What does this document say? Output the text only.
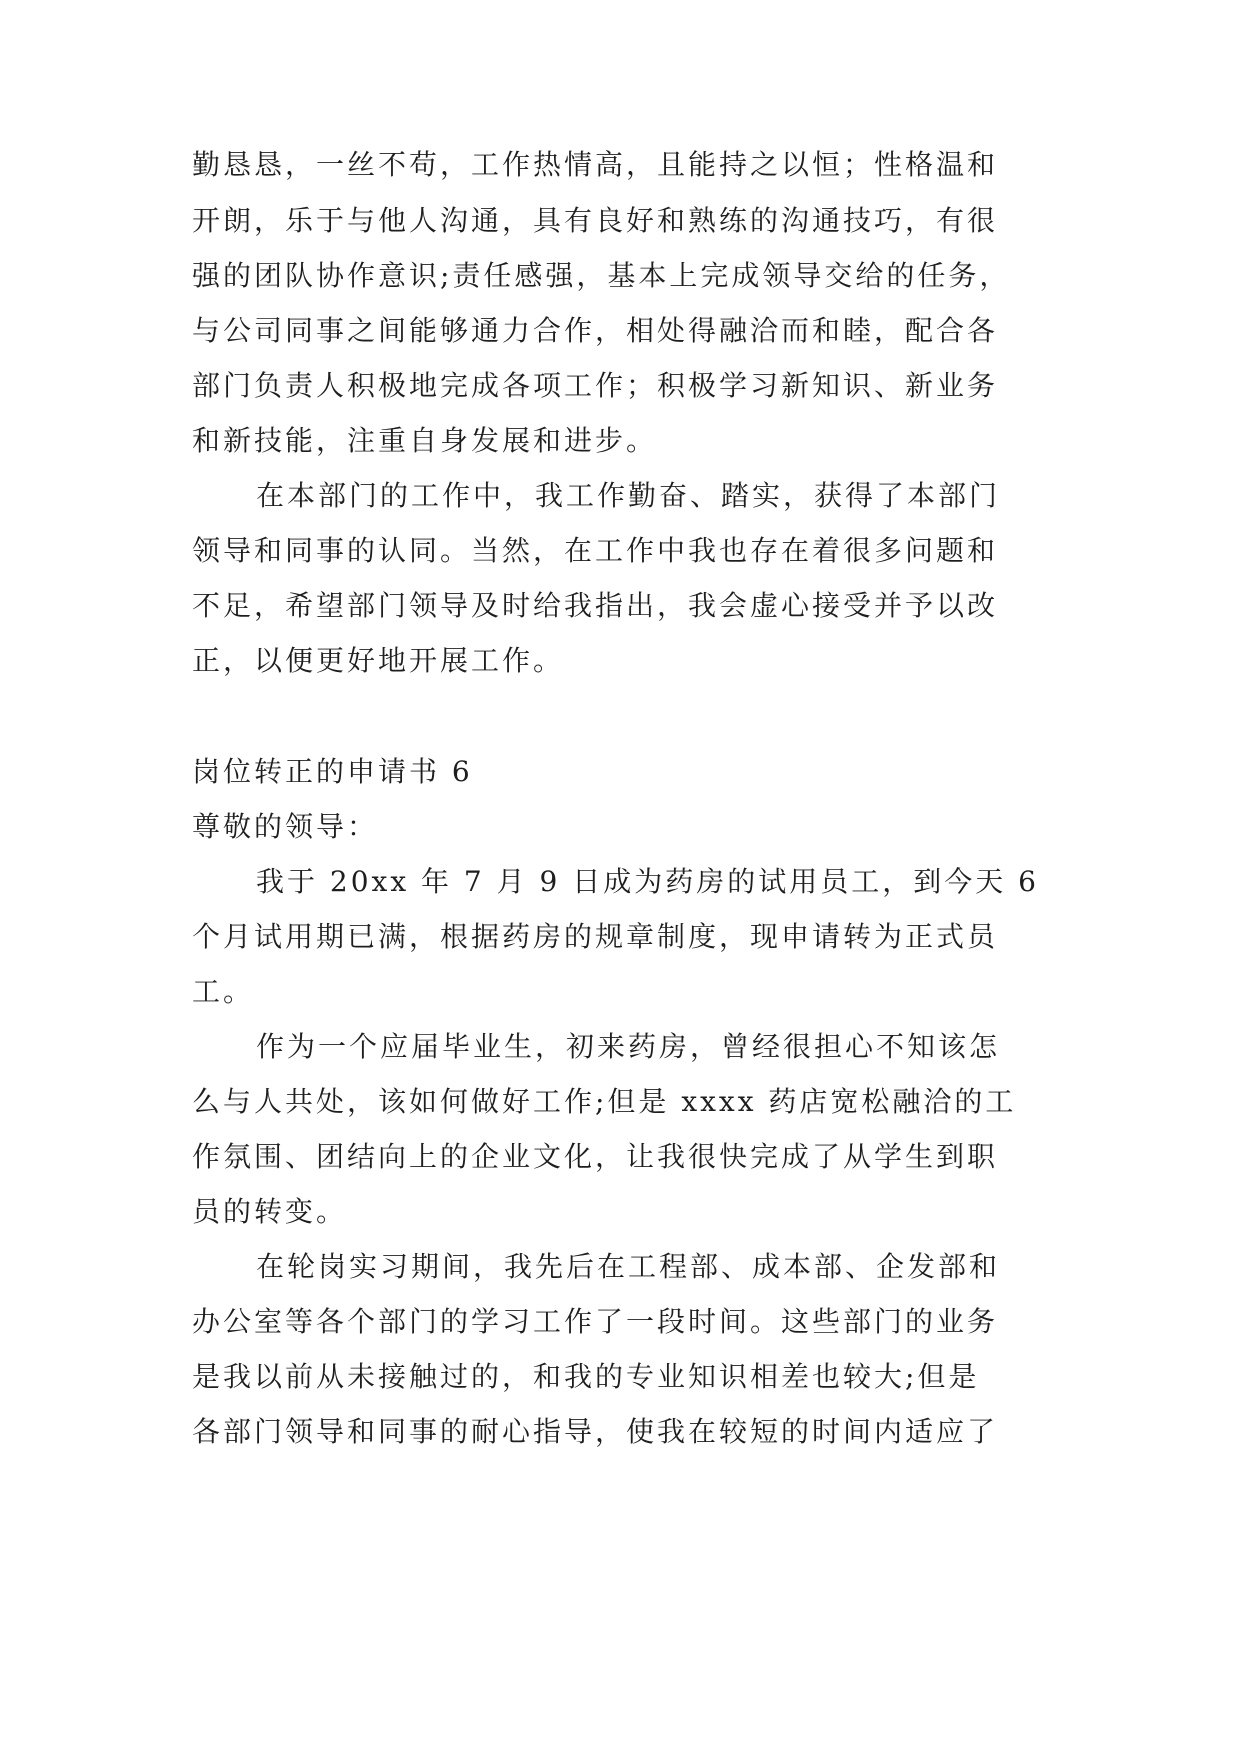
勤恳恳，一丝不苟，工作热情高，且能持之以恒；性格温和
开朗，乐于与他人沟通，具有良好和熟练的沟通技巧，有很
强的团队协作意识;责任感强，基本上完成领导交给的任务，
与公司同事之间能够通力合作，相处得融洽而和睦，配合各
部门负责人积极地完成各项工作；积极学习新知识、新业务
和新技能，注重自身发展和进步。
在本部门的工作中，我工作勤奋、踏实，获得了本部门
领导和同事的认同。当然，在工作中我也存在着很多问题和
不足，希望部门领导及时给我指出，我会虚心接受并予以改
正，以便更好地开展工作。
岗位转正的申请书 6
尊敬的领导：
我于 20xx 年 7 月 9 日成为药房的试用员工，到今天 6
个月试用期已满，根据药房的规章制度，现申请转为正式员
工。
作为一个应届毕业生，初来药房，曾经很担心不知该怎
么与人共处，该如何做好工作;但是 xxxx 药店宽松融洽的工
作氛围、团结向上的企业文化，让我很快完成了从学生到职
员的转变。
在轮岗实习期间，我先后在工程部、成本部、企发部和
办公室等各个部门的学习工作了一段时间。这些部门的业务
是我以前从未接触过的，和我的专业知识相差也较大;但是
各部门领导和同事的耐心指导，使我在较短的时间内适应了
